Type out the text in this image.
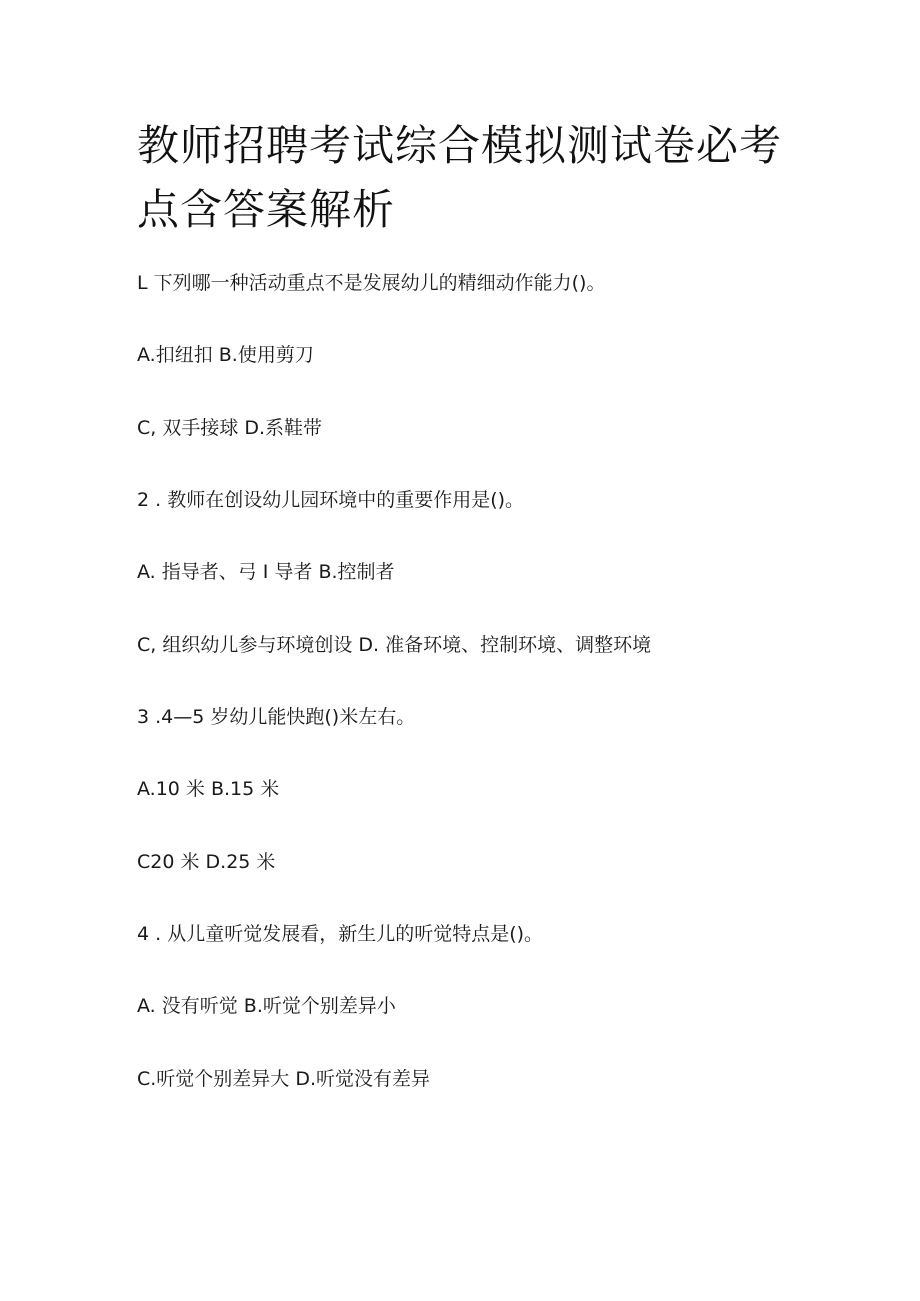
教师招聘考试综合模拟测试卷必考
点含答案解析

L 下列哪一种活动重点不是发展幼儿的精细动作能力()。

A.扣纽扣 B.使用剪刀

C, 双手接球 D.系鞋带

2 . 教师在创设幼儿园环境中的重要作用是()。

A. 指导者、弓 I 导者 B.控制者

C, 组织幼儿参与环境创设 D. 准备环境、控制环境、调整环境

3 .4—5 岁幼儿能快跑()米左右。

A.10 米 B.15 米

C20 米 D.25 米

4 . 从儿童听觉发展看，新生儿的听觉特点是()。

A. 没有听觉 B.听觉个别差异小

C.听觉个别差异大 D.听觉没有差异
